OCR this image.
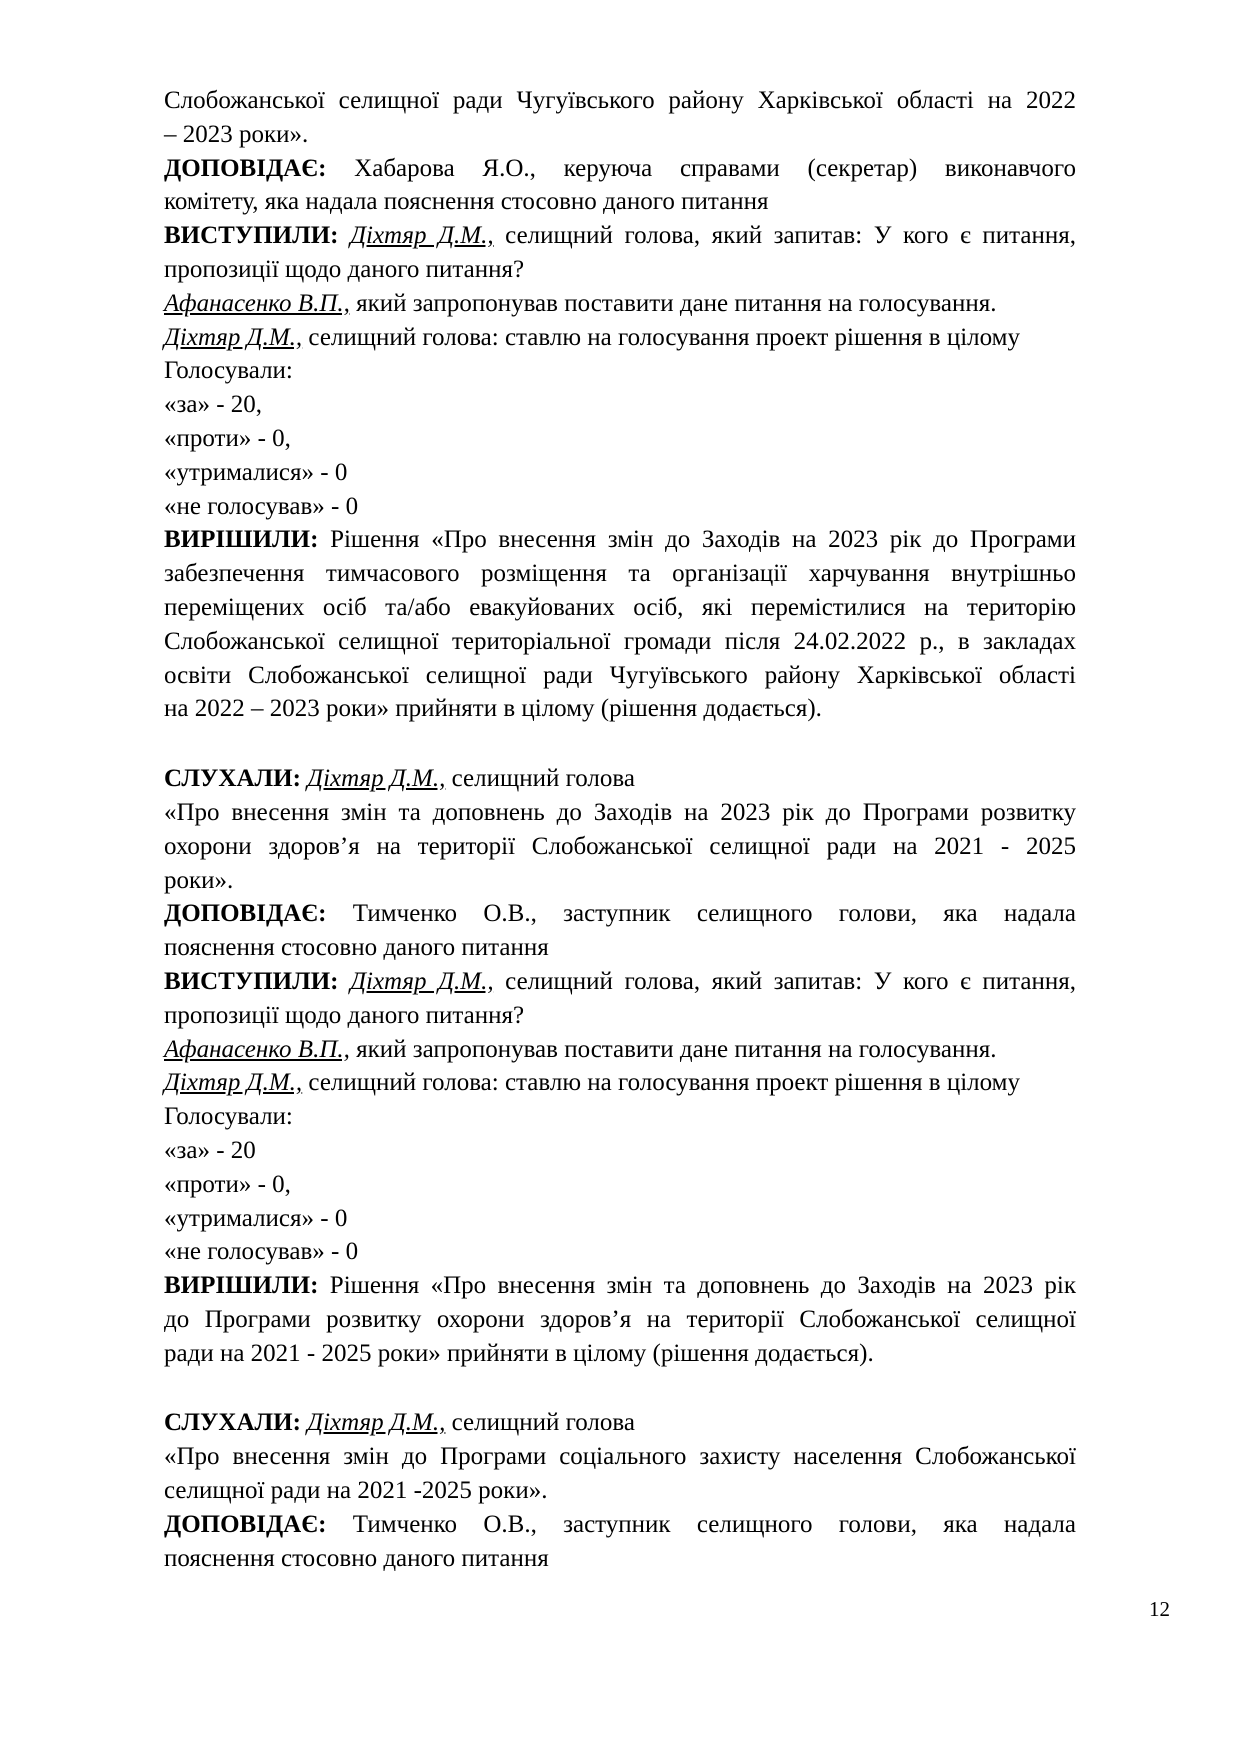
Слобожанської селищної ради Чугуївського району Харківської області на 2022
– 2023 роки».
ДОПОВІДАЄ: Хабарова Я.О., керуюча справами (секретар) виконавчого
комітету, яка надала пояснення стосовно даного питання
ВИСТУПИЛИ: Діхтяр Д.М., селищний голова, який запитав: У кого є питання,
пропозиції щодо даного питання?
Афанасенко В.П., який запропонував поставити дане питання на голосування.
Діхтяр Д.М., селищний голова: ставлю на голосування проект рішення в цілому
Голосували:
«за» - 20,
«проти» - 0,
«утрималися» - 0
«не голосував» - 0
ВИРІШИЛИ: Рішення «Про внесення змін до Заходів на 2023 рік до Програми
забезпечення тимчасового розміщення та організації харчування внутрішньо
переміщених осіб та/або евакуйованих осіб, які перемістилися на територію
Слобожанської селищної територіальної громади після 24.02.2022 р., в закладах
освіти Слобожанської селищної ради Чугуївського району Харківської області
на 2022 – 2023 роки» прийняти в цілому (рішення додається).
СЛУХАЛИ: Діхтяр Д.М., селищний голова
«Про внесення змін та доповнень до Заходів на 2023 рік до Програми розвитку
охорони здоров’я на території Слобожанської селищної ради на 2021 - 2025
роки».
ДОПОВІДАЄ: Тимченко О.В., заступник селищного голови, яка надала
пояснення стосовно даного питання
ВИСТУПИЛИ: Діхтяр Д.М., селищний голова, який запитав: У кого є питання,
пропозиції щодо даного питання?
Афанасенко В.П., який запропонував поставити дане питання на голосування.
Діхтяр Д.М., селищний голова: ставлю на голосування проект рішення в цілому
Голосували:
«за» - 20
«проти» - 0,
«утрималися» - 0
«не голосував» - 0
ВИРІШИЛИ: Рішення «Про внесення змін та доповнень до Заходів на 2023 рік
до Програми розвитку охорони здоров’я на території Слобожанської селищної
ради на 2021 - 2025 роки» прийняти в цілому (рішення додається).
СЛУХАЛИ: Діхтяр Д.М., селищний голова
«Про внесення змін до Програми соціального захисту населення Слобожанської
селищної ради на 2021 -2025 роки».
ДОПОВІДАЄ: Тимченко О.В., заступник селищного голови, яка надала
пояснення стосовно даного питання
12
